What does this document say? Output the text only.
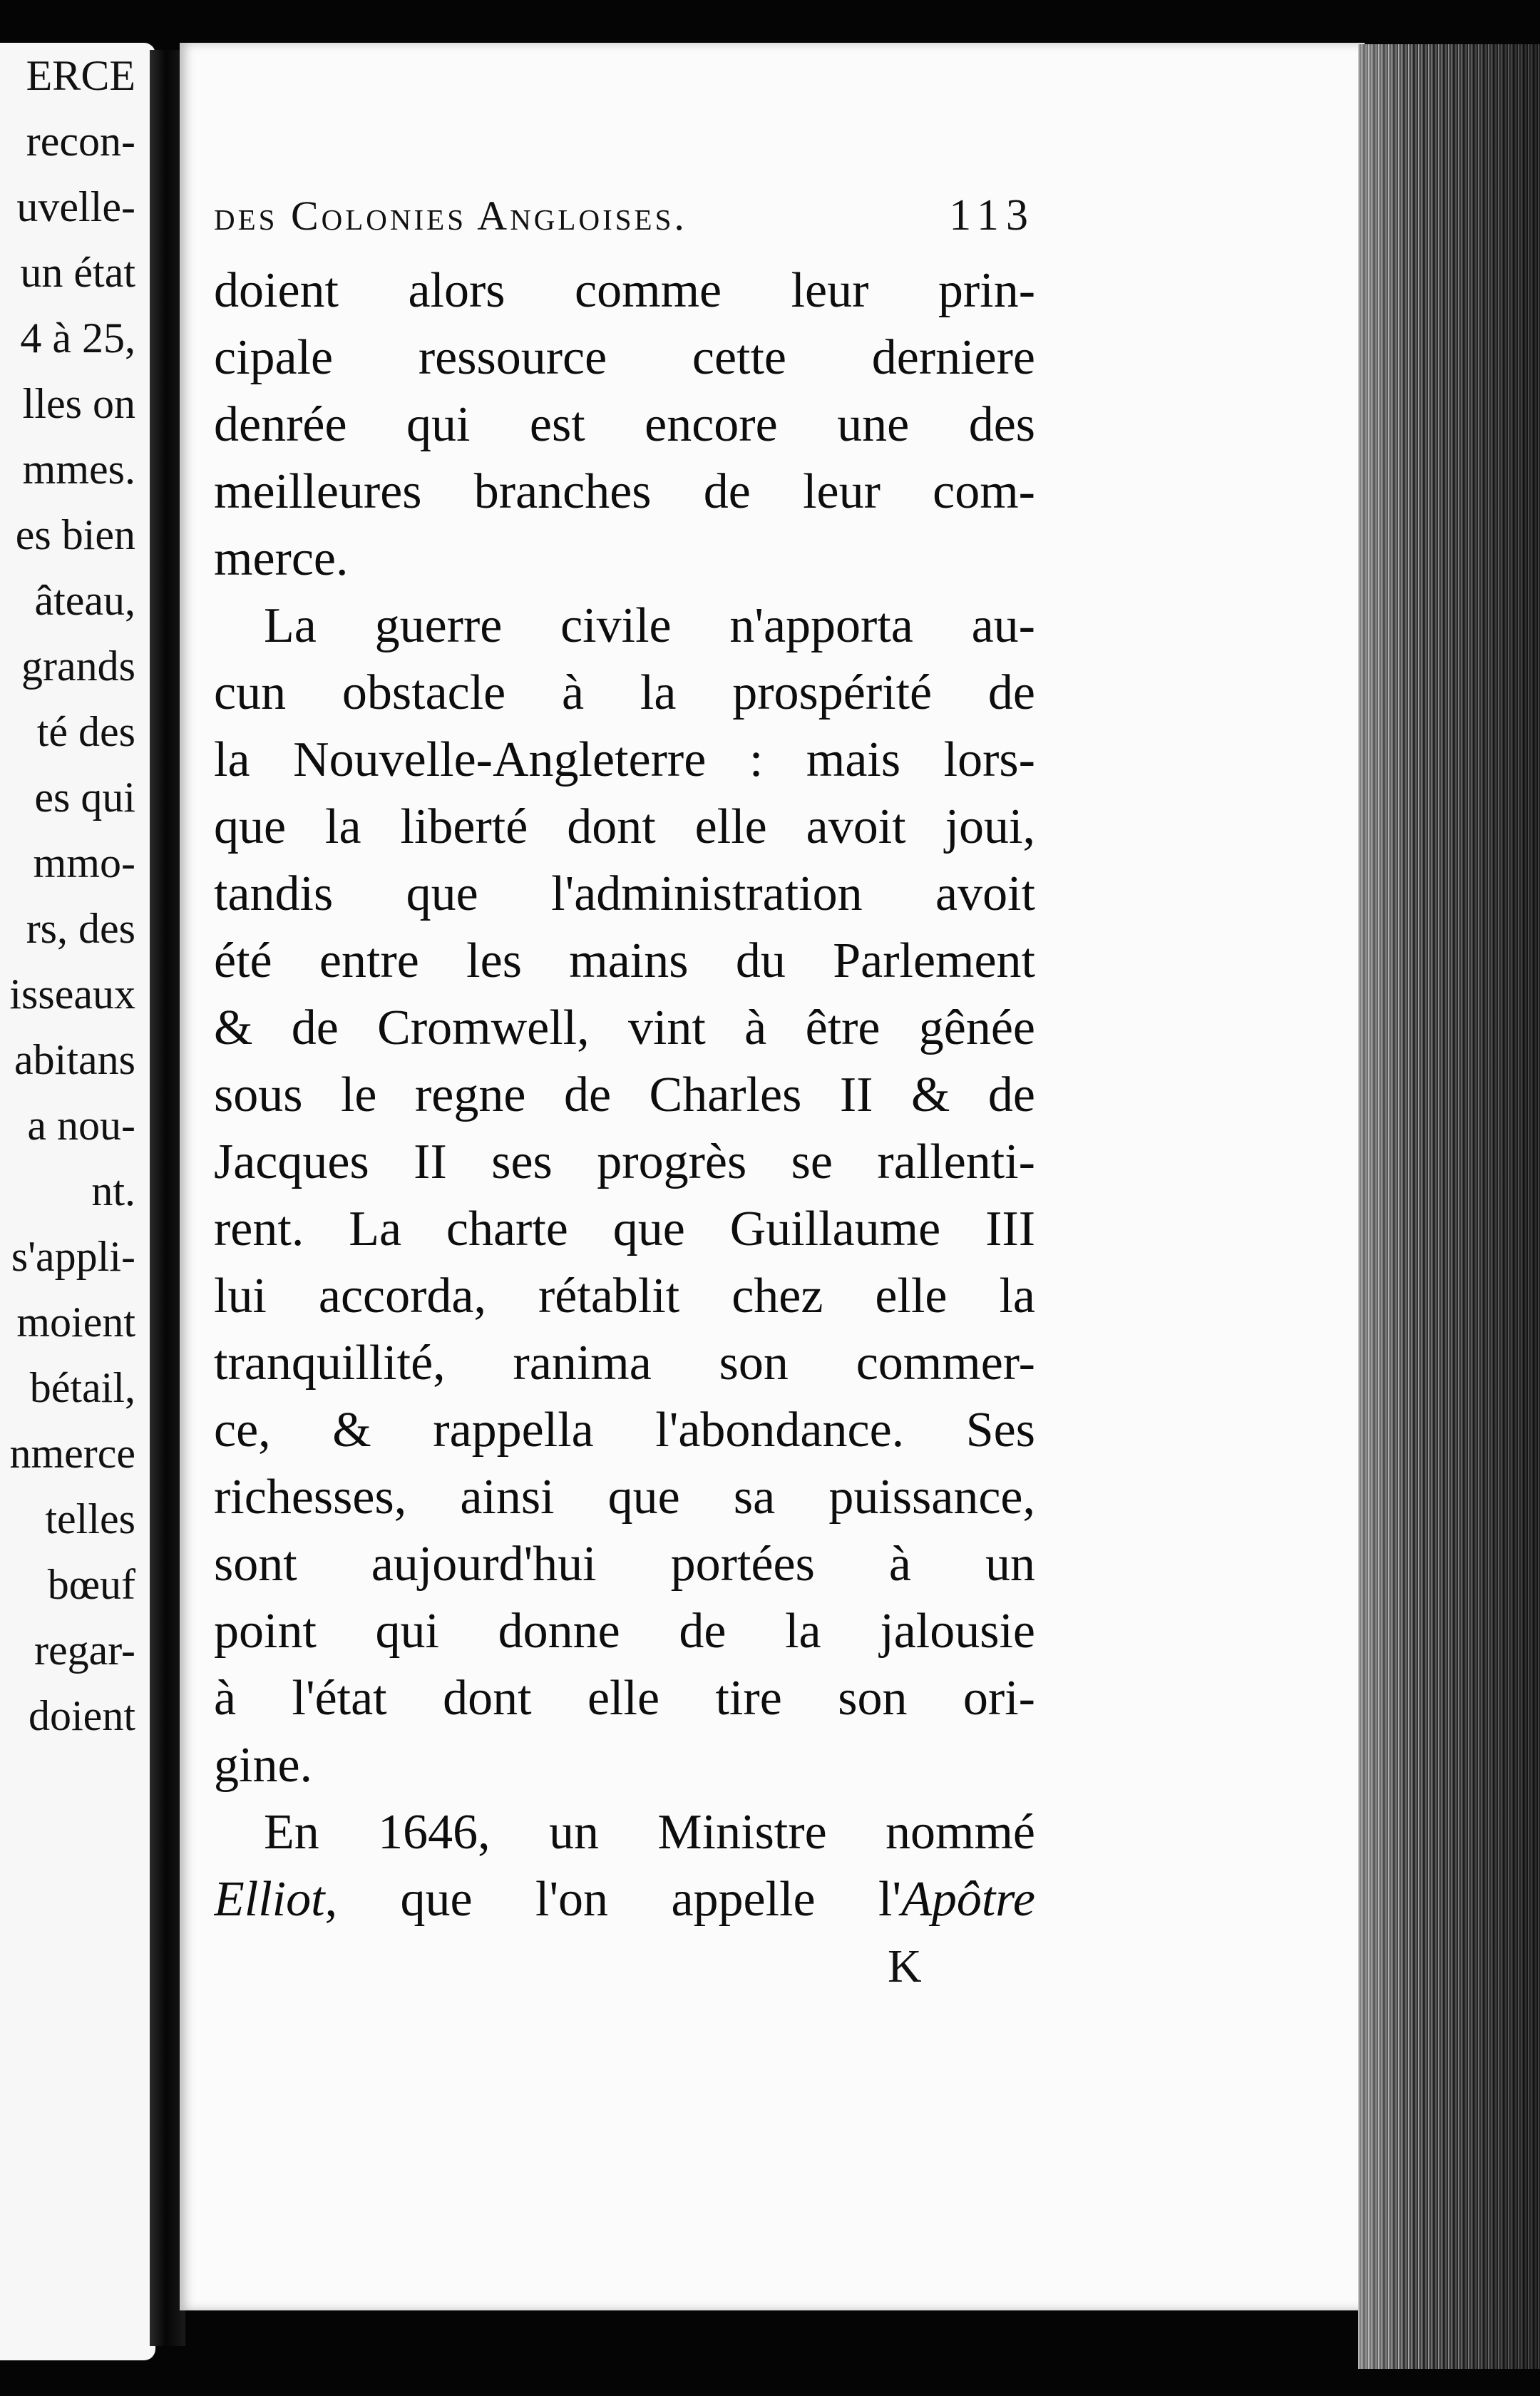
ERCE
recon-
uvelle-
un état
4 à 25,
lles on
mmes.
es bien
âteau,
grands
té des
es qui
mmo-
rs, des
isseaux
abitans
a nou-
nt.
s'appli-
moient
bétail,
nmerce
telles
bœuf
regar-
doient
des Colonies Angloises.	113
doient alors comme leur prin-
cipale ressource cette derniere
denrée qui est encore une des
meilleures branches de leur com-
merce.
La guerre civile n'apporta au-
cun obstacle à la prospérité de
la Nouvelle-Angleterre : mais lors-
que la liberté dont elle avoit joui,
tandis que l'administration avoit
été entre les mains du Parlement
& de Cromwell, vint à être gênée
sous le regne de Charles II & de
Jacques II ses progrès se rallenti-
rent. La charte que Guillaume III
lui accorda, rétablit chez elle la
tranquillité, ranima son commer-
ce, & rappella l'abondance. Ses
richesses, ainsi que sa puissance,
sont aujourd'hui portées à un
point qui donne de la jalousie
à l'état dont elle tire son ori-
gine.
En 1646, un Ministre nommé
Elliot, que l'on appelle l'Apôtre
K
